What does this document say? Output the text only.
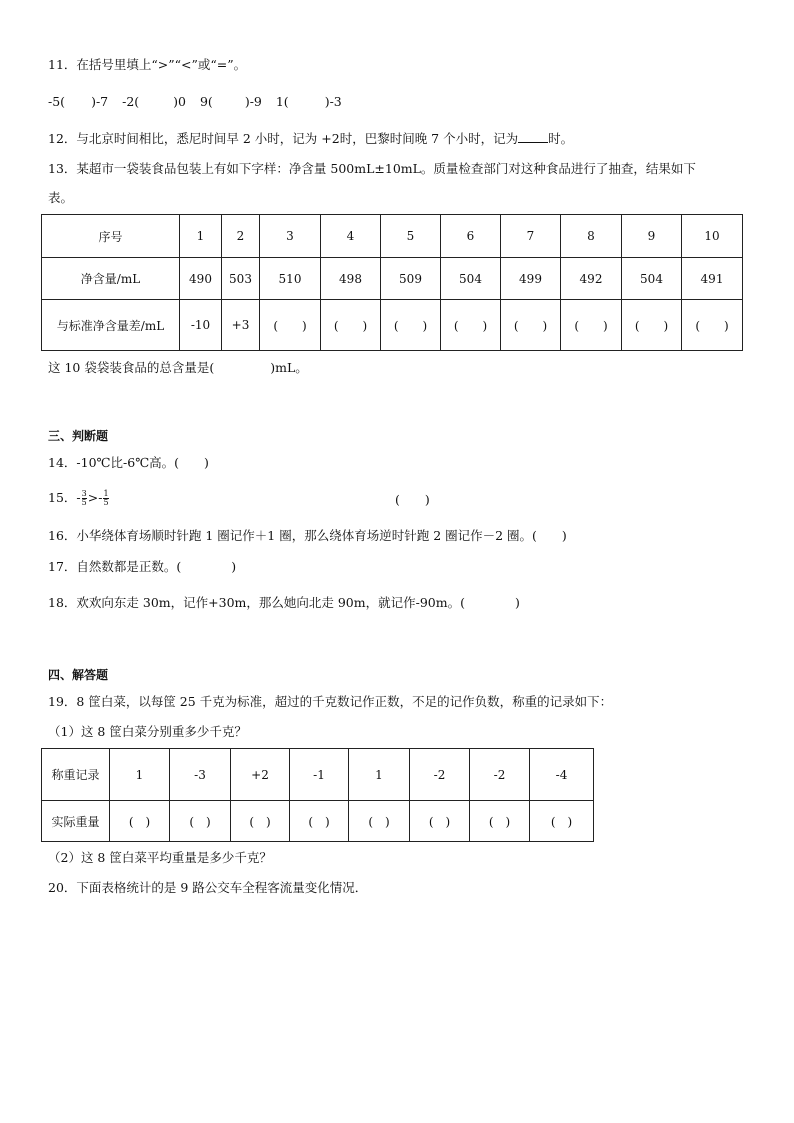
11．在括号里填上“>”“<”或“=”。
-5( )-7 -2(	)0 9(	)-9 1(	)-3
12．与北京时间相比，悉尼时间早 2 小时，记为 +2时，巴黎时间晚 7 个小时，记为 时。
13．某超市一袋装食品包装上有如下字样：净含量 500mL±10mL。质量检查部门对这种食品进行了抽查，结果如下
表。
序号	1	2	3	4	5	6	7	8	9	10
净含量/mL	490	503	510	498	509	504	499	492	504	491
与标准净含量差/mL	-10	+3	(　　)	(　　)	(　　)	(　　)	(　　)	(　　)	(　　)	(　　)
这 10 袋袋装食品的总含量是(	)mL。
三、判断题
14．-10℃比-6℃高。(　　)
15．- $\frac{3}{5} >- \frac{1}{5}$	(　　)
16．小华绕体育场顺时针跑 1 圈记作＋1 圈，那么绕体育场逆时针跑 2 圈记作－2 圈。(　　)
17．自然数都是正数。(　　　　)
18．欢欢向东走 30m，记作+30m，那么她向北走 90m，就记作-90m。(　　　　)
四、解答题
19．8 筐白菜，以每筐 25 千克为标准，超过的千克数记作正数，不足的记作负数，称重的记录如下：
（1）这 8 筐白菜分别重多少千克？
称重记录	1	-3	+2	-1	1	-2	-2	-4
实际重量	(　)	(　)	(　)	(　)	(　)	(　)	(　)	(　)
（2）这 8 筐白菜平均重量是多少千克？
20．下面表格统计的是 9 路公交车全程客流量变化情况．
